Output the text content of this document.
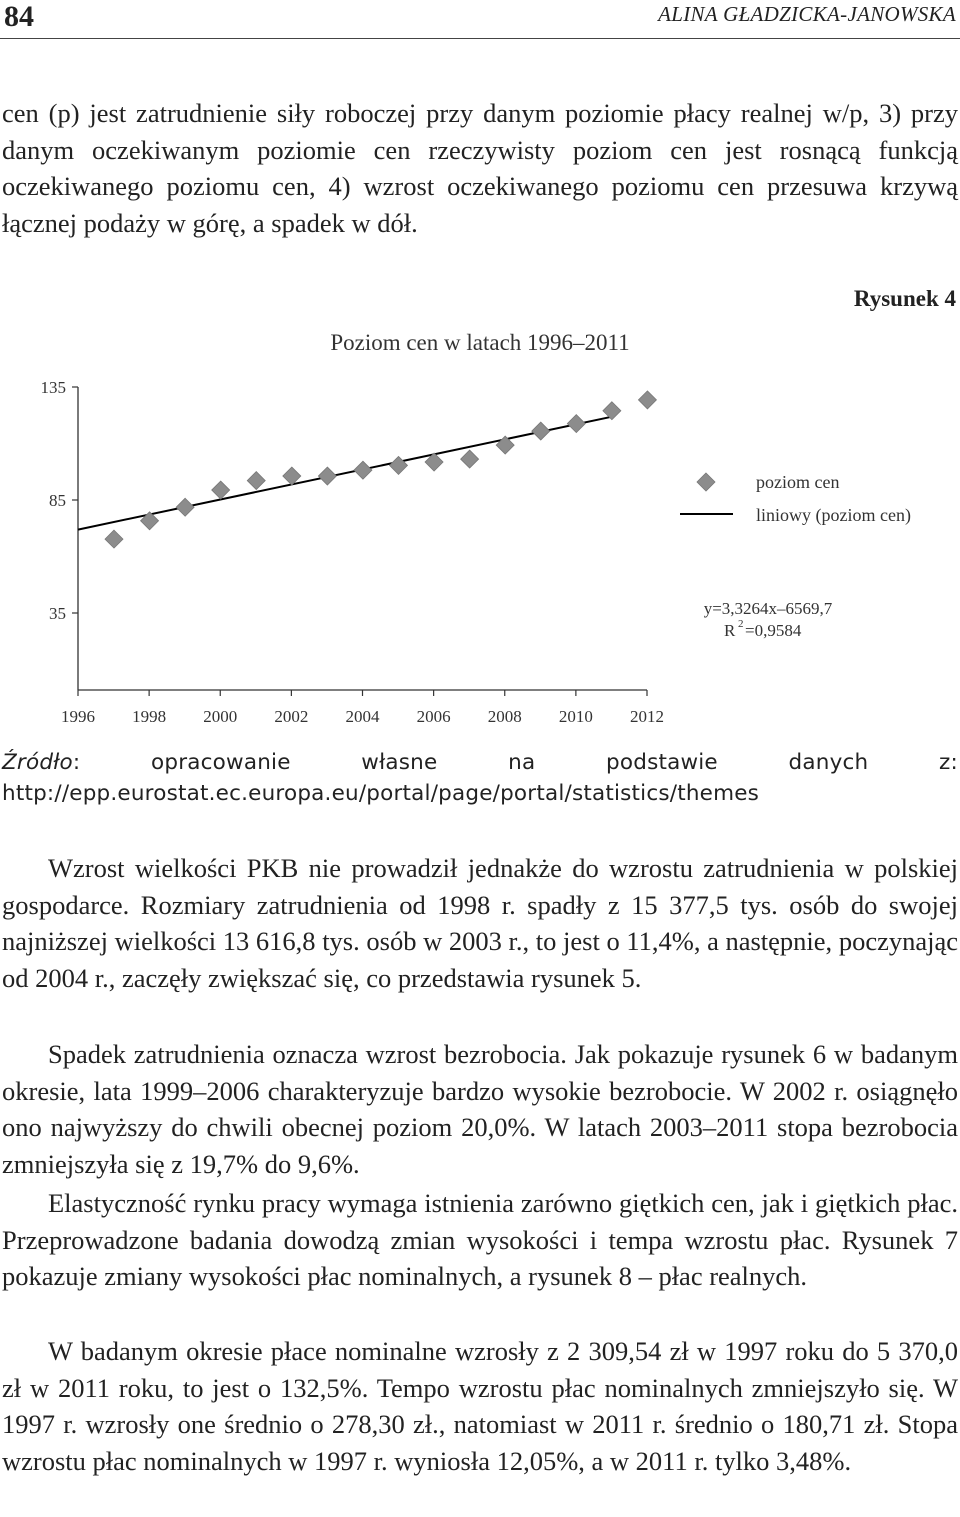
84	ALINA GŁADZICKA-JANOWSKA
cen (p) jest zatrudnienie siły roboczej przy danym poziomie płacy realnej w/p, 3) przy danym oczekiwanym poziomie cen rzeczywisty poziom cen jest rosnącą funkcją oczekiwanego poziomu cen, 4) wzrost oczekiwanego poziomu cen przesuwa krzywą łącznej podaży w górę, a spadek w dół.
Rysunek 4
Poziom cen w latach 1996–2011
135
85
35
1996 1998 2000 2002 2004 2006 2008 2010 2012
poziom cen
liniowy (poziom cen)
y=3,3264x–6569,7
R 2 =0,9584
Źródło: opracowanie własne na podstawie danych z: http://epp.eurostat.ec.europa.eu/portal/page/portal/statistics/themes
Wzrost wielkości PKB nie prowadził jednakże do wzrostu zatrudnienia w polskiej gospodarce. Rozmiary zatrudnienia od 1998 r. spadły z 15 377,5 tys. osób do swojej najniższej wielkości 13 616,8 tys. osób w 2003 r., to jest o 11,4%, a następnie, poczynając od 2004 r., zaczęły zwiększać się, co przedstawia rysunek 5.
Spadek zatrudnienia oznacza wzrost bezrobocia. Jak pokazuje rysunek 6 w badanym okresie, lata 1999–2006 charakteryzuje bardzo wysokie bezrobocie. W 2002 r. osiągnęło ono najwyższy do chwili obecnej poziom 20,0%. W latach 2003–2011 stopa bezrobocia zmniejszyła się z 19,7% do 9,6%.
Elastyczność rynku pracy wymaga istnienia zarówno giętkich cen, jak i giętkich płac. Przeprowadzone badania dowodzą zmian wysokości i tempa wzrostu płac. Rysunek 7 pokazuje zmiany wysokości płac nominalnych, a rysunek 8 – płac realnych.
W badanym okresie płace nominalne wzrosły z 2 309,54 zł w 1997 roku do 5 370,0 zł w 2011 roku, to jest o 132,5%. Tempo wzrostu płac nominalnych zmniejszyło się. W 1997 r. wzrosły one średnio o 278,30 zł., natomiast w 2011 r. średnio o 180,71 zł. Stopa wzrostu płac nominalnych w 1997 r. wyniosła 12,05%, a w 2011 r. tylko 3,48%.
